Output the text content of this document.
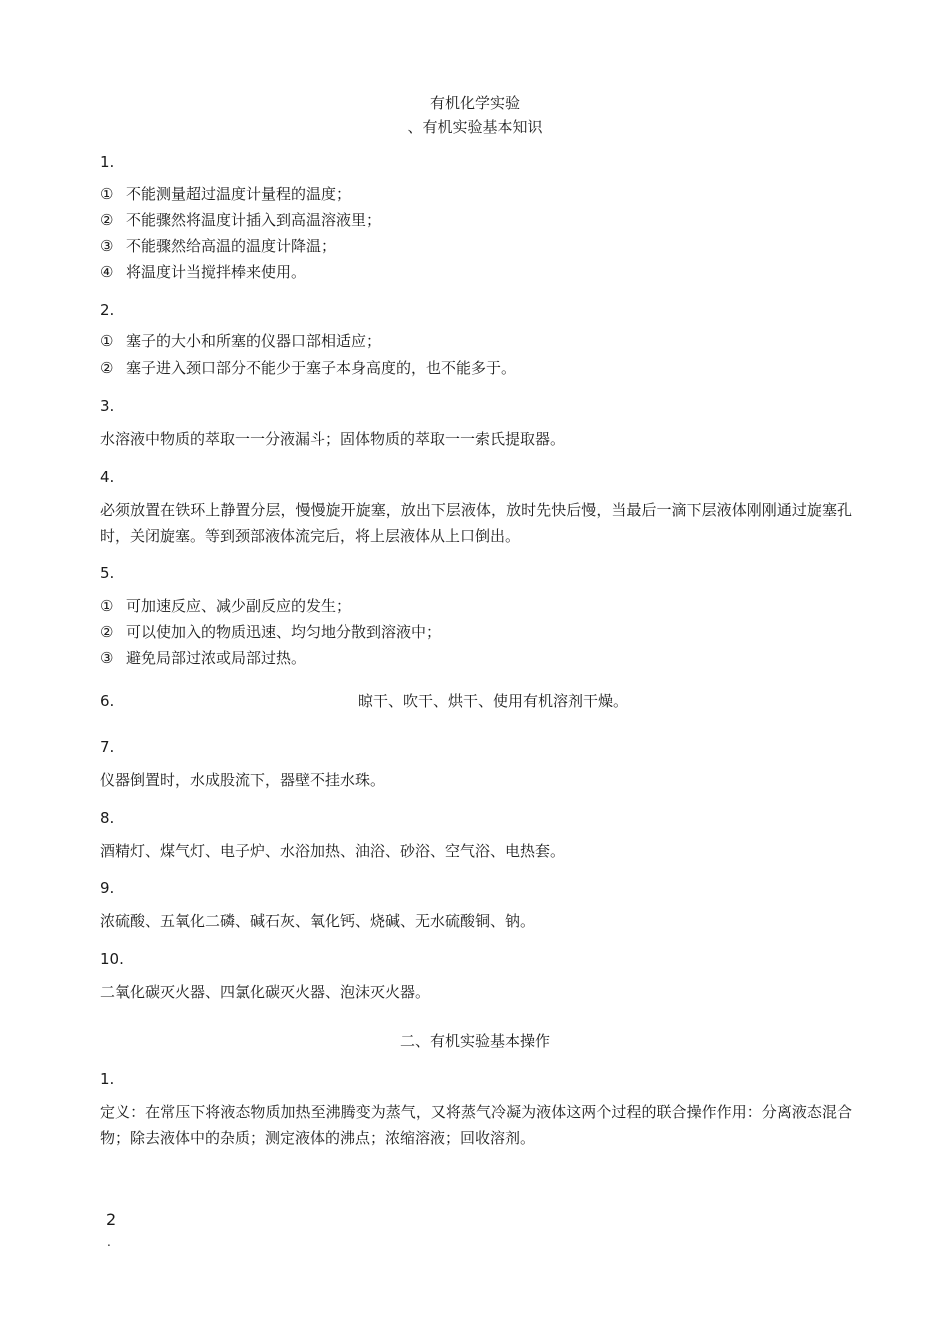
有机化学实验
、有机实验基本知识
1.
① 不能测量超过温度计量程的温度；
② 不能骤然将温度计插入到高温溶液里；
③ 不能骤然给高温的温度计降温；
④ 将温度计当搅拌棒来使用。
2.
① 塞子的大小和所塞的仪器口部相适应；
② 塞子进入颈口部分不能少于塞子本身高度的，也不能多于。
3.
水溶液中物质的萃取一一分液漏斗；固体物质的萃取一一索氏提取器。
4.
必须放置在铁环上静置分层，慢慢旋开旋塞，放出下层液体，放时先快后慢，当最后一滴下层液体刚刚通过旋塞孔时，关闭旋塞。等到颈部液体流完后，将上层液体从上口倒出。
5.
① 可加速反应、减少副反应的发生；
② 可以使加入的物质迅速、均匀地分散到溶液中；
③ 避免局部过浓或局部过热。
6.	晾干、吹干、烘干、使用有机溶剂干燥。
7.
仪器倒置时，水成股流下，器壁不挂水珠。
8.
酒精灯、煤气灯、电子炉、水浴加热、油浴、砂浴、空气浴、电热套。
9.
浓硫酸、五氧化二磷、碱石灰、氧化钙、烧碱、无水硫酸铜、钠。
10.
二氧化碳灭火器、四氯化碳灭火器、泡沫灭火器。
二、有机实验基本操作
1.
定义：在常压下将液态物质加热至沸腾变为蒸气，又将蒸气冷凝为液体这两个过程的联合操作作用：分离液态混合物；除去液体中的杂质；测定液体的沸点；浓缩溶液；回收溶剂。
2
.
